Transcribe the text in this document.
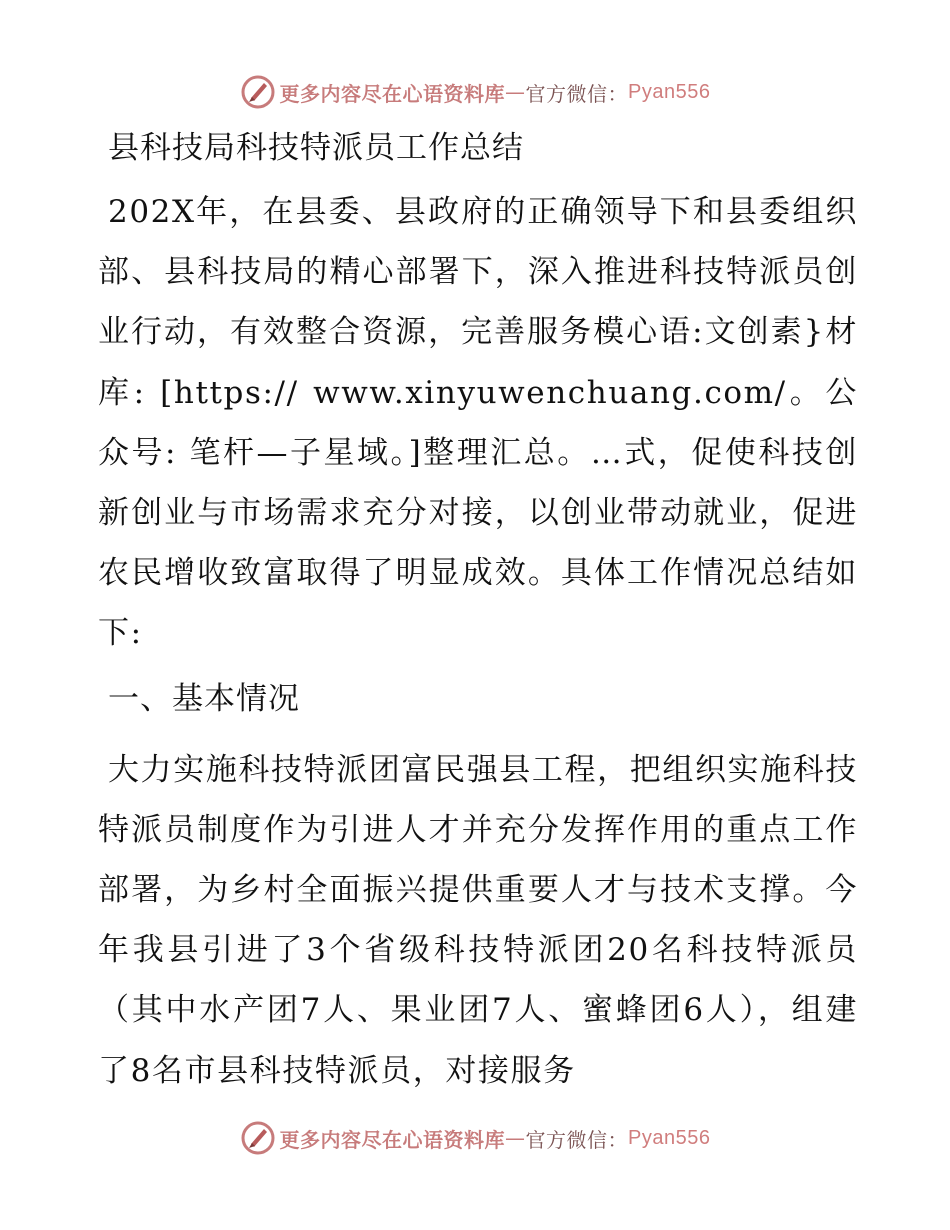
更多内容尽在心语资料库 — 官方微信： Pyan556
县科技局科技特派员工作总结
202X年，在县委、县政府的正确领导下和县委组织部、县科技局的精心部署下，深入推进科技特派员创业行动，有效整合资源，完善服务模心语:文创素}材库: [https:// www.xinyuwenchuang.com/。公众号: 笔杆—子星域。]整理汇总。…式，促使科技创新创业与市场需求充分对接，以创业带动就业，促进农民增收致富取得了明显成效。具体工作情况总结如下:
一、基本情况
大力实施科技特派团富民强县工程，把组织实施科技特派员制度作为引进人才并充分发挥作用的重点工作部署，为乡村全面振兴提供重要人才与技术支撑。今年我县引进了3个省级科技特派团20名科技特派员（其中水产团7人、果业团7人、蜜蜂团6人），组建了8名市县科技特派员，对接服务
更多内容尽在心语资料库 — 官方微信： Pyan556
